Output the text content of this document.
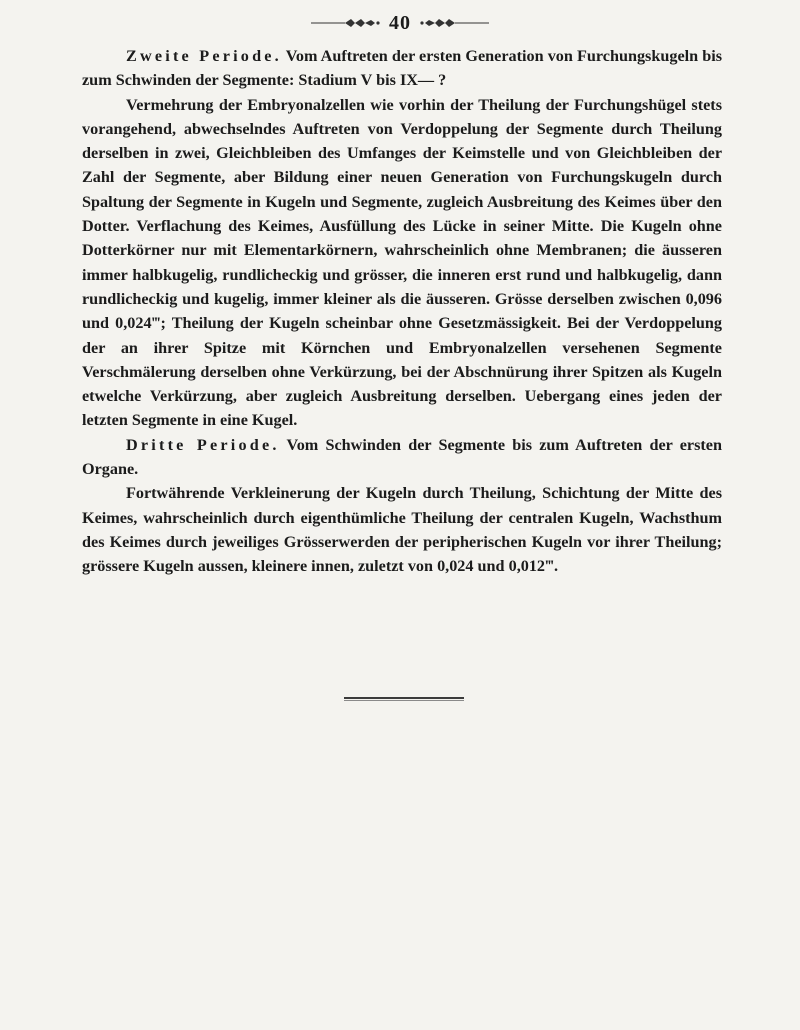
40

Zweite Periode. Vom Auftreten der ersten Generation von Furchungskugeln bis zum Schwinden der Segmente: Stadium V bis IX— ?

Vermehrung der Embryonalzellen wie vorhin der Theilung der Furchungshügel stets vorangehend, abwechselndes Auftreten von Verdoppelung der Segmente durch Theilung derselben in zwei, Gleichbleiben des Umfanges der Keimstelle und von Gleichbleiben der Zahl der Segmente, aber Bildung einer neuen Generation von Furchungskugeln durch Spaltung der Segmente in Kugeln und Segmente, zugleich Ausbreitung des Keimes über den Dotter. Verflachung des Keimes, Ausfüllung des Lücke in seiner Mitte. Die Kugeln ohne Dotterkörner nur mit Elementarkörnern, wahrscheinlich ohne Membranen; die äusseren immer halbkugelig, rundlicheckig und grösser, die inneren erst rund und halbkugelig, dann rundlicheckig und kugelig, immer kleiner als die äusseren. Grösse derselben zwischen 0,096 und 0,024‴; Theilung der Kugeln scheinbar ohne Gesetzmässigkeit. Bei der Verdoppelung der an ihrer Spitze mit Körnchen und Embryonalzellen versehenen Segmente Verschmälerung derselben ohne Verkürzung, bei der Abschnürung ihrer Spitzen als Kugeln etwelche Verkürzung, aber zugleich Ausbreitung derselben. Uebergang eines jeden der letzten Segmente in eine Kugel.

Dritte Periode. Vom Schwinden der Segmente bis zum Auftreten der ersten Organe.

Fortwährende Verkleinerung der Kugeln durch Theilung, Schichtung der Mitte des Keimes, wahrscheinlich durch eigenthümliche Theilung der centralen Kugeln, Wachsthum des Keimes durch jeweiliges Grösserwerden der peripherischen Kugeln vor ihrer Theilung; grössere Kugeln aussen, kleinere innen, zuletzt von 0,024 und 0,012‴.
